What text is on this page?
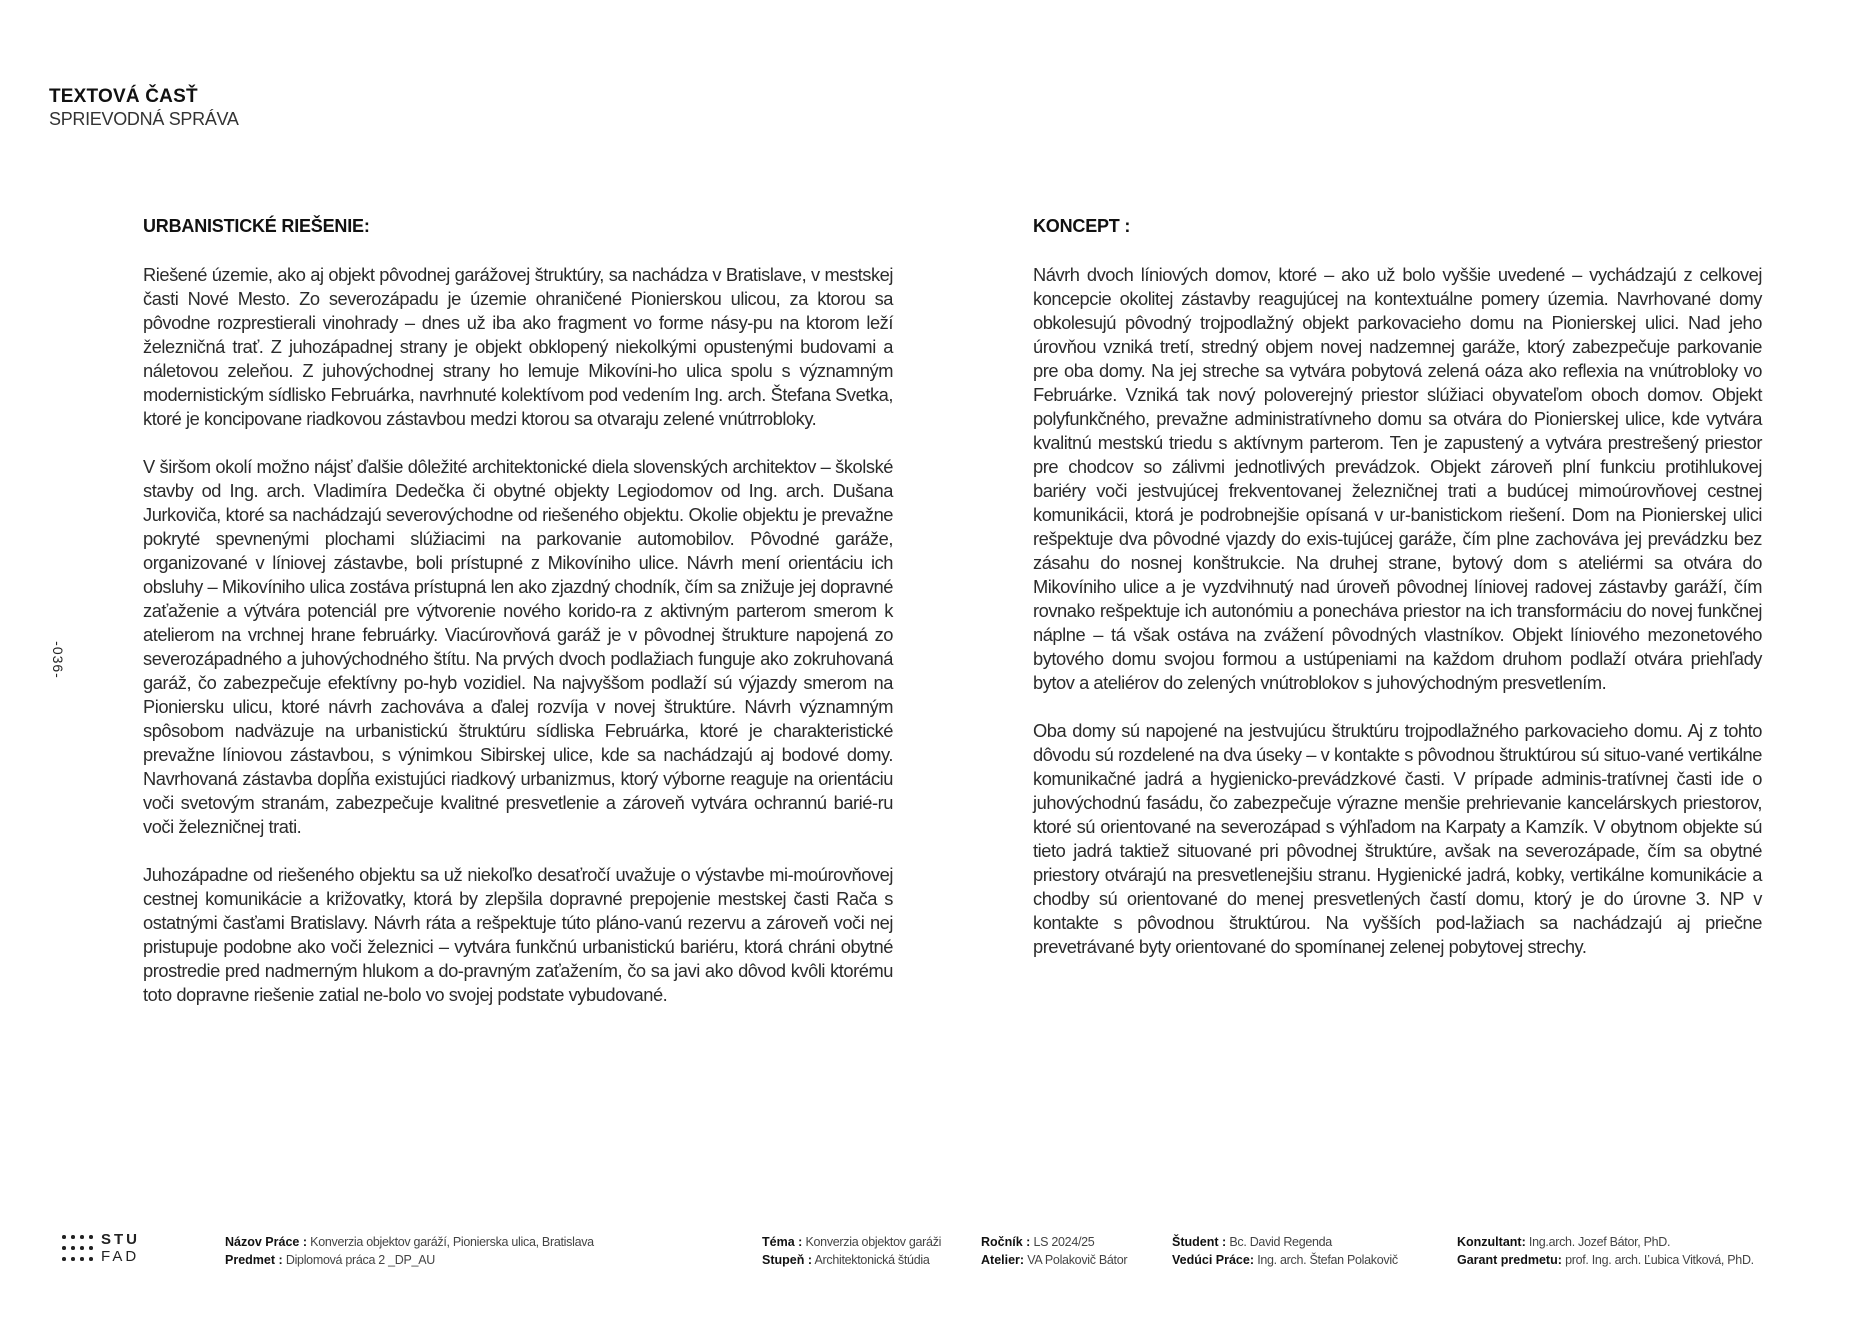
TEXTOVÁ ČASŤ
SPRIEVODNÁ SPRÁVA
-036-
URBANISTICKÉ RIEŠENIE:

Riešené územie, ako aj objekt pôvodnej garážovej štruktúry, sa nachádza v Bratislave, v mestskej časti Nové Mesto. Zo severozápadu je územie ohraničené Pionierskou ulicou, za ktorou sa pôvodne rozprestierali vinohrady – dnes už iba ako fragment vo forme násy-pu na ktorom leží železničná trať. Z juhozápadnej strany je objekt obklopený niekolkými opustenými budovami a náletovou zeleňou. Z juhovýchodnej strany ho lemuje Mikovíni-ho ulica spolu s významným modernistickým sídlisko Februárka, navrhnuté kolektívom pod vedením Ing. arch. Štefana Svetka, ktoré je koncipovane riadkovou zástavbou medzi ktorou sa otvaraju zelené vnútrrobloky.

V širšom okolí možno nájsť ďalšie dôležité architektonické diela slovenských architektov – školské stavby od Ing. arch. Vladimíra Dedečka či obytné objekty Legiodomov od Ing. arch. Dušana Jurkoviča, ktoré sa nachádzajú severovýchodne od riešeného objektu. Okolie objektu je prevažne pokryté spevnenými plochami slúžiacimi na parkovanie automobilov. Pôvodné garáže, organizované v líniovej zástavbe, boli prístupné z Mikovíniho ulice. Návrh mení orientáciu ich obsluhy – Mikovíniho ulica zostáva prístupná len ako zjazdný chodník, čím sa znižuje jej dopravné zaťaženie a výtvára potenciál pre výtvorenie nového korido-ra z aktivným parterom smerom k atelierom na vrchnej hrane februárky. Viacúrovňová garáž je v pôvodnej štrukture napojená zo severozápadného a juhovýchodného štítu. Na prvých dvoch podlažiach funguje ako zokruhovaná garáž, čo zabezpečuje efektívny po-hyb vozidiel. Na najvyššom podlaží sú výjazdy smerom na Pioniersku ulicu, ktoré návrh zachováva a ďalej rozvíja v novej štruktúre. Návrh významným spôsobom nadväzuje na urbanistickú štruktúru sídliska Februárka, ktoré je charakteristické prevažne líniovou zástavbou, s výnimkou Sibirskej ulice, kde sa nachádzajú aj bodové domy. Navrhovaná zástavba dopĺňa existujúci riadkový urbanizmus, ktorý výborne reaguje na orientáciu voči svetovým stranám, zabezpečuje kvalitné presvetlenie a zároveň vytvára ochrannú barié-ru voči železničnej trati.

Juhozápadne od riešeného objektu sa už niekoľko desaťročí uvažuje o výstavbe mi-moúrovňovej cestnej komunikácie a križovatky, ktorá by zlepšila dopravné prepojenie mestskej časti Rača s ostatnými časťami Bratislavy. Návrh ráta a rešpektuje túto pláno-vanú rezervu a zároveň voči nej pristupuje podobne ako voči železnici – vytvára funkčnú urbanistickú bariéru, ktorá chráni obytné prostredie pred nadmerným hlukom a do-pravným zaťažením, čo sa javi ako dôvod kvôli ktorému toto dopravne riešenie zatial ne-bolo vo svojej podstate vybudované.

KONCEPT :

Návrh dvoch líniových domov, ktoré – ako už bolo vyššie uvedené – vychádzajú z celkovej koncepcie okolitej zástavby reagujúcej na kontextuálne pomery územia. Navrhované domy obkolesujú pôvodný trojpodlažný objekt parkovacieho domu na Pionierskej ulici. Nad jeho úrovňou vzniká tretí, stredný objem novej nadzemnej garáže, ktorý zabezpečuje parkovanie pre oba domy. Na jej streche sa vytvára pobytová zelená oáza ako reflexia na vnútrobloky vo Februárke. Vzniká tak nový poloverejný priestor slúžiaci obyvateľom oboch domov. Objekt polyfunkčného, prevažne administratívneho domu sa otvára do Pionierskej ulice, kde vytvára kvalitnú mestskú triedu s aktívnym parterom. Ten je zapustený a vytvára prestrešený priestor pre chodcov so zálivmi jednotlivých prevádzok. Objekt zároveň plní funkciu protihlukovej bariéry voči jestvujúcej frekventovanej železničnej trati a budúcej mimoúrovňovej cestnej komunikácii, ktorá je podrobnejšie opísaná v ur-banistickom riešení. Dom na Pionierskej ulici rešpektuje dva pôvodné vjazdy do exis-tujúcej garáže, čím plne zachováva jej prevádzku bez zásahu do nosnej konštrukcie. Na druhej strane, bytový dom s ateliérmi sa otvára do Mikovíniho ulice a je vyzdvihnutý nad úroveň pôvodnej líniovej radovej zástavby garáží, čím rovnako rešpektuje ich autonómiu a ponecháva priestor na ich transformáciu do novej funkčnej náplne – tá však ostáva na zvážení pôvodných vlastníkov. Objekt líniového mezonetového bytového domu svojou formou a ustúpeniami na každom druhom podlaží otvára priehľady bytov a ateliérov do zelených vnútroblokov s juhovýchodným presvetlením.

Oba domy sú napojené na jestvujúcu štruktúru trojpodlažného parkovacieho domu. Aj z tohto dôvodu sú rozdelené na dva úseky – v kontakte s pôvodnou štruktúrou sú situo-vané vertikálne komunikačné jadrá a hygienicko-prevádzkové časti. V prípade adminis-tratívnej časti ide o juhovýchodnú fasádu, čo zabezpečuje výrazne menšie prehrievanie kancelárskych priestorov, ktoré sú orientované na severozápad s výhľadom na Karpaty a Kamzík. V obytnom objekte sú tieto jadrá taktiež situované pri pôvodnej štruktúre, avšak na severozápade, čím sa obytné priestory otvárajú na presvetlenejšiu stranu. Hygienické jadrá, kobky, vertikálne komunikácie a chodby sú orientované do menej presvetlených častí domu, ktorý je do úrovne 3. NP v kontakte s pôvodnou štruktúrou. Na vyšších pod-lažiach sa nachádzajú aj priečne prevetrávané byty orientované do spomínanej zelenej pobytovej strechy.

STU
FAD
Názov Práce : Konverzia objektov garáží, Pionierska ulica, Bratislava
Predmet : Diplomová práca 2 _DP_AU
Téma : Konverzia objektov garáži
Stupeň : Architektonická štúdia
Ročník : LS 2024/25
Atelier: VA Polakovič Bátor
Študent : Bc. David Regenda
Vedúci Práce: Ing. arch. Štefan Polakovič
Konzultant: Ing.arch. Jozef Bátor, PhD.
Garant predmetu: prof. Ing. arch. Ľubica Vitková, PhD.
